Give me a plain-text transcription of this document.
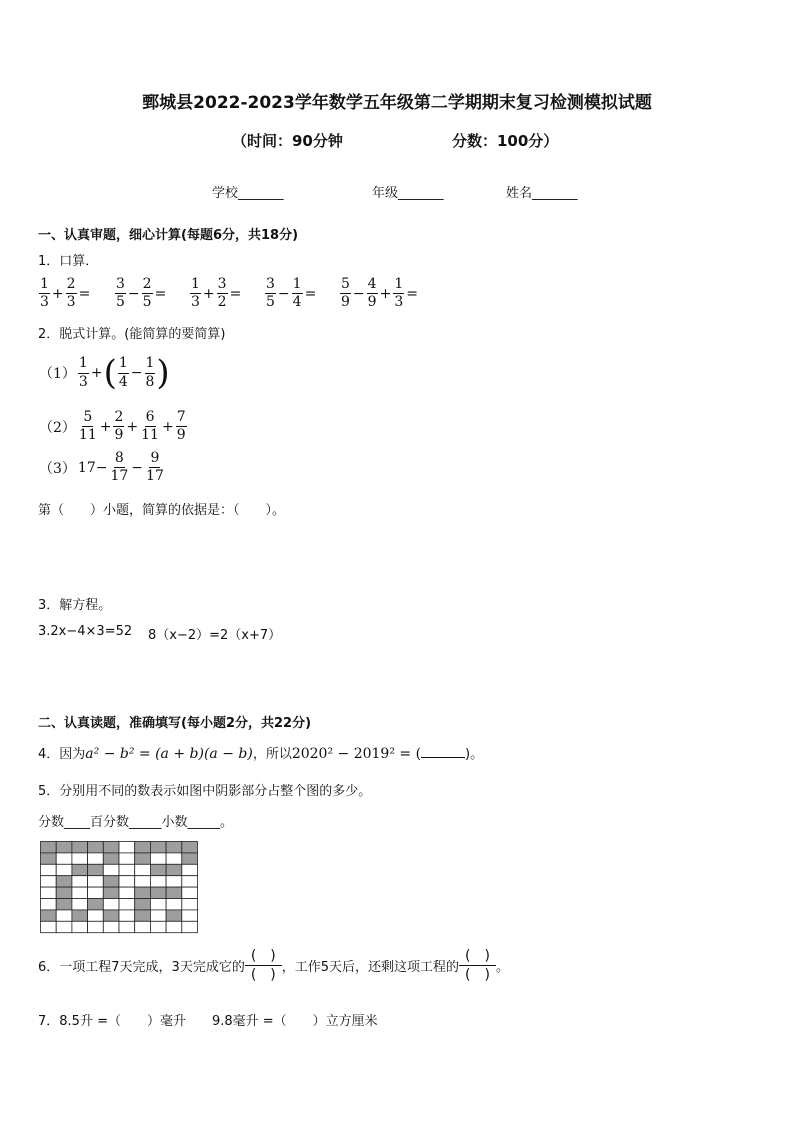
鄄城县2022-2023学年数学五年级第二学期期末复习检测模拟试题
（时间：90分钟	分数：100分）
学校_______	年级_______	姓名_______
一、认真审题，细心计算(每题6分，共18分)
1．口算．
$\frac{1}{3} + \frac{2}{3} = \frac{3}{5} - \frac{2}{5} = \frac{1}{3} + \frac{3}{2} = \frac{3}{5} - \frac{1}{4} = \frac{5}{9} - \frac{4}{9} + \frac{1}{3}$ =
2．脱式计算。(能简算的要简算)
$(1) \frac{1}{3}$ +( $\frac{1}{4} - \frac{1}{8}$ )
$(2) \frac{5}{11} + \frac{2}{9} + \frac{6}{11} + \frac{7}{9}$
（3） $17- \frac{8}{17} - \frac{9}{17}$
第（　　）小题，简算的依据是：（　　）。
3．解方程。
3.2x−4×3=52 8（x−2）=2（x+7）
二、认真读题，准确填写(每小题2分，共22分)
4．因为a² − b² = (a + b)(a − b)，所以2020² − 2019² = (	)。
5．分别用不同的数表示如图中阴影部分占整个图的多少。
分数____百分数_____小数_____。
6．一项工程7天完成，3天完成它的
(　)
(　) ，工作5天后，还剩这项工程的
(　)
(　) 。
7．8.5升 =（　　）毫升　　9.8毫升 =（　　）立方厘米
